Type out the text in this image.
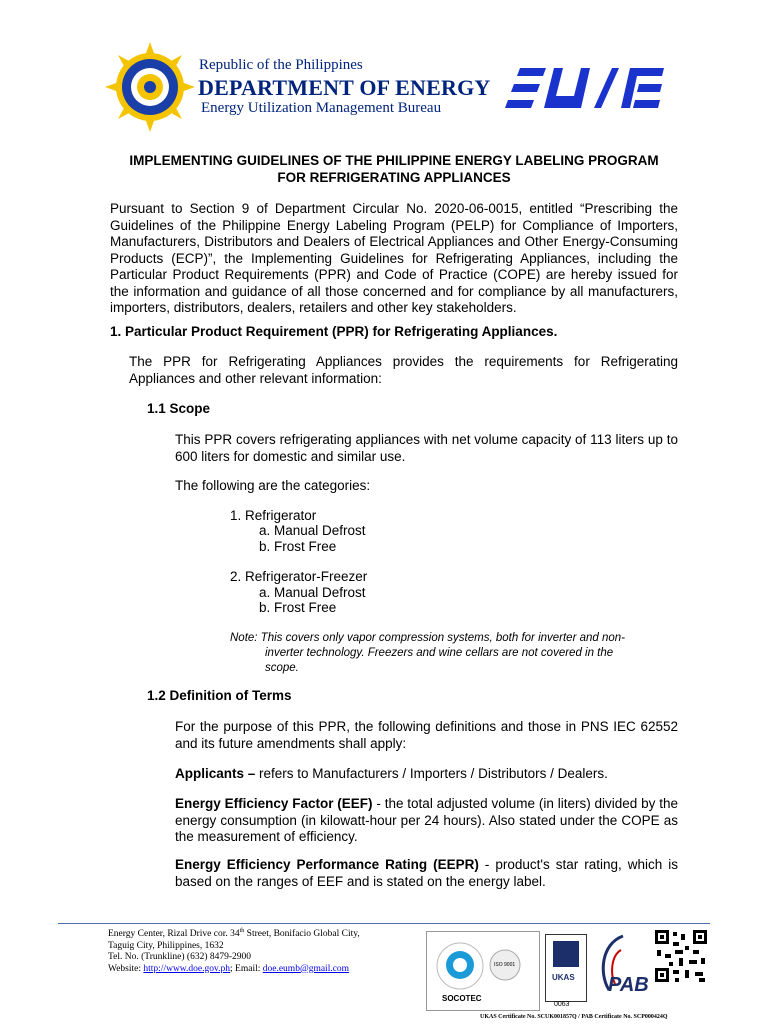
Republic of the Philippines
DEPARTMENT OF ENERGY
Energy Utilization Management Bureau
IMPLEMENTING GUIDELINES OF THE PHILIPPINE ENERGY LABELING PROGRAM
FOR REFRIGERATING APPLIANCES
Pursuant to Section 9 of Department Circular No. 2020-06-0015, entitled “Prescribing the Guidelines of the Philippine Energy Labeling Program (PELP) for Compliance of Importers, Manufacturers, Distributors and Dealers of Electrical Appliances and Other Energy-Consuming Products (ECP)”, the Implementing Guidelines for Refrigerating Appliances, including the Particular Product Requirements (PPR) and Code of Practice (COPE) are hereby issued for the information and guidance of all those concerned and for compliance by all manufacturers, importers, distributors, dealers, retailers and other key stakeholders.
1. Particular Product Requirement (PPR) for Refrigerating Appliances.
The PPR for Refrigerating Appliances provides the requirements for Refrigerating Appliances and other relevant information:
1.1 Scope
This PPR covers refrigerating appliances with net volume capacity of 113 liters up to 600 liters for domestic and similar use.
The following are the categories:
1. Refrigerator
a. Manual Defrost
b. Frost Free
2. Refrigerator-Freezer
a. Manual Defrost
b. Frost Free
Note: This covers only vapor compression systems, both for inverter and non-
inverter technology. Freezers and wine cellars are not covered in the
scope.
1.2 Definition of Terms
For the purpose of this PPR, the following definitions and those in PNS IEC 62552 and its future amendments shall apply:
Applicants – refers to Manufacturers / Importers / Distributors / Dealers.
Energy Efficiency Factor (EEF) - the total adjusted volume (in liters) divided by the energy consumption (in kilowatt-hour per 24 hours). Also stated under the COPE as the measurement of efficiency.
Energy Efficiency Performance Rating (EEPR) - product's star rating, which is based on the ranges of EEF and is stated on the energy label.
Energy Center, Rizal Drive cor. 34th Street, Bonifacio Global City,
Taguig City, Philippines, 1632
Tel. No. (Trunkline) (632) 8479-2900
Website: http://www.doe.gov.ph; Email: doe.eumb@gmail.com
SOCOTEC
ISO 9001
UKAS
0063
PAB
UKAS Certificate No. SCUK001857Q / PAB Certificate No. SCP000424Q
